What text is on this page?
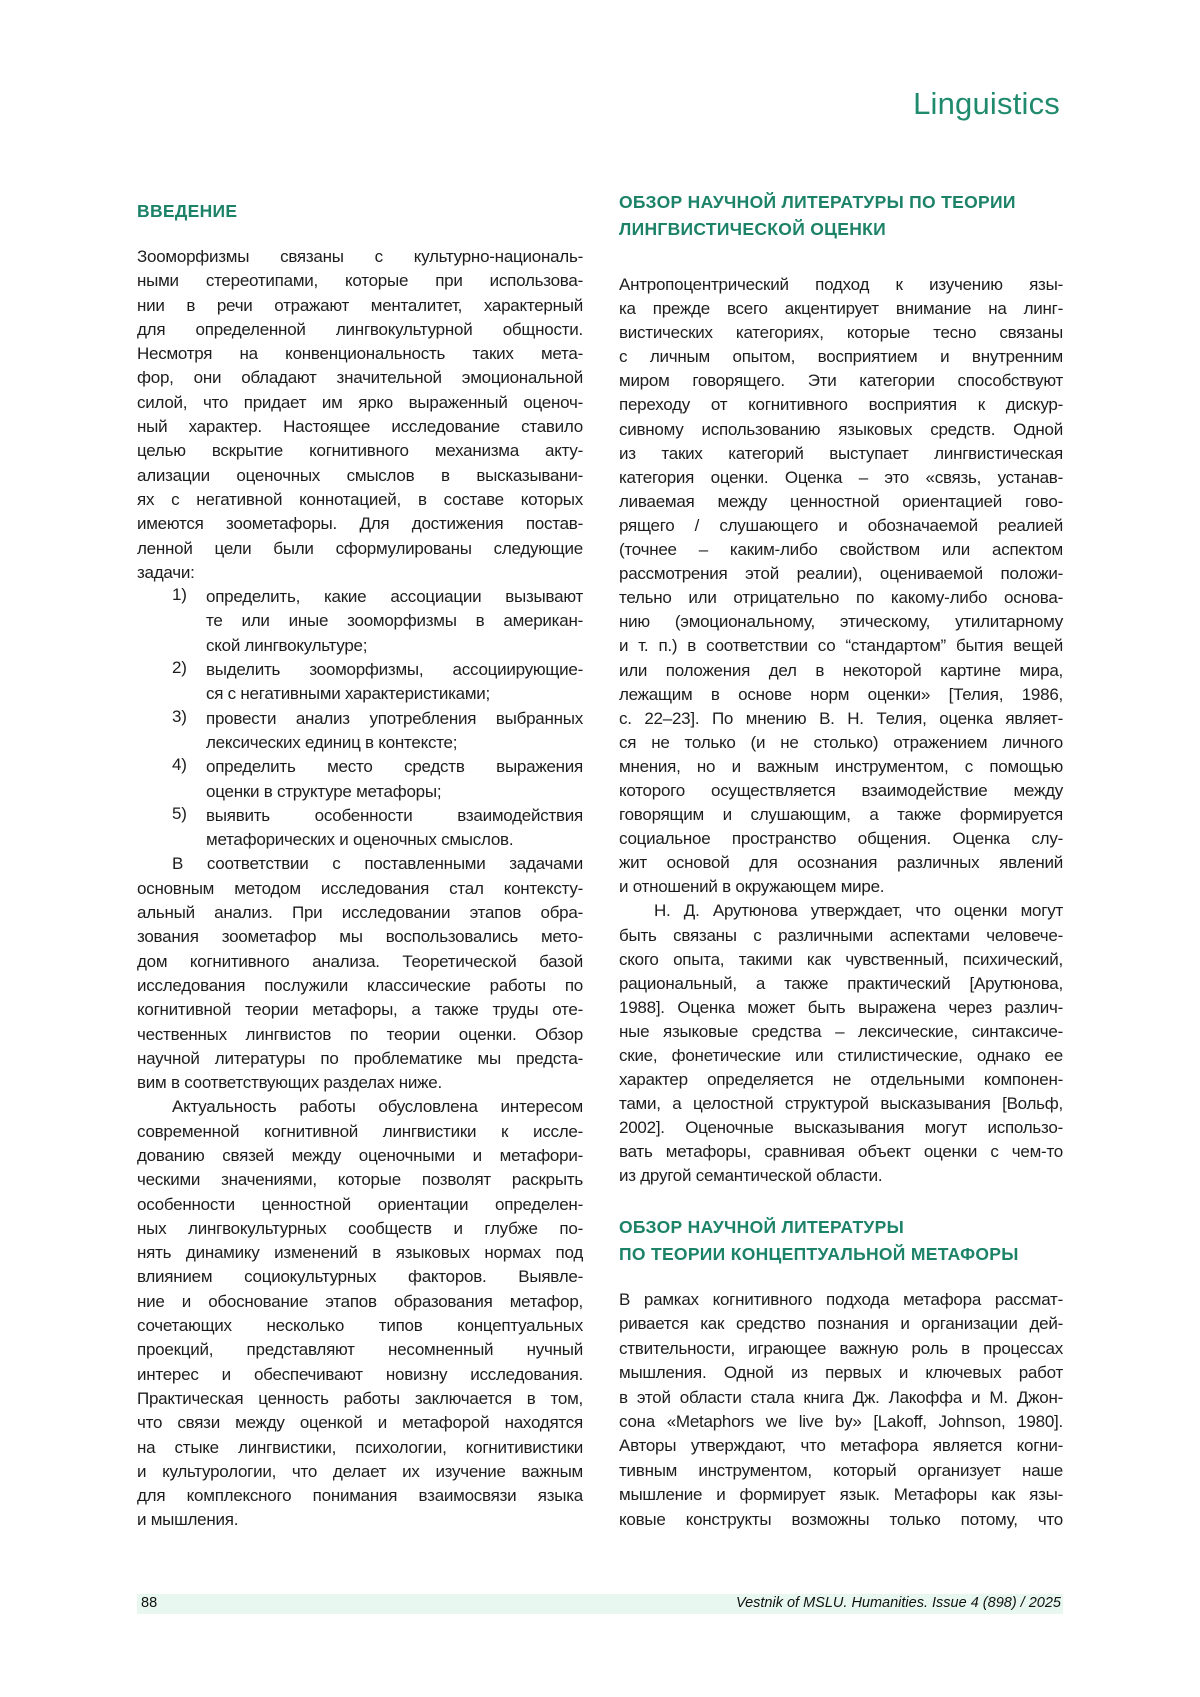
Linguistics
ВВЕДЕНИЕ
Зооморфизмы связаны с культурно-националь-
ными стереотипами, которые при использова-
нии в речи отражают менталитет, характерный
для определенной лингвокультурной общности.
Несмотря на конвенциональность таких мета-
фор, они обладают значительной эмоциональной
силой, что придает им ярко выраженный оценоч-
ный характер. Настоящее исследование ставило
целью вскрытие когнитивного механизма акту-
ализации оценочных смыслов в высказывани-
ях с негативной коннотацией, в составе которых
имеются зоометафоры. Для достижения постав-
ленной цели были сформулированы следующие
задачи:
1) определить, какие ассоциации вызывают
те или иные зооморфизмы в американ-
ской лингвокультуре;
2) выделить зооморфизмы, ассоциирующие-
ся с негативными характеристиками;
3) провести анализ употребления выбранных
лексических единиц в контексте;
4) определить место средств выражения
оценки в структуре метафоры;
5) выявить особенности взаимодействия
метафорических и оценочных смыслов.
В соответствии с поставленными задачами
основным методом исследования стал контексту-
альный анализ. При исследовании этапов обра-
зования зоометафор мы воспользовались мето-
дом когнитивного анализа. Теоретической базой
исследования послужили классические работы по
когнитивной теории метафоры, а также труды оте-
чественных лингвистов по теории оценки. Обзор
научной литературы по проблематике мы предста-
вим в соответствующих разделах ниже.
Актуальность работы обусловлена интересом
современной когнитивной лингвистики к иссле-
дованию связей между оценочными и метафори-
ческими значениями, которые позволят раскрыть
особенности ценностной ориентации определен-
ных лингвокультурных сообществ и глубже по-
нять динамику изменений в языковых нормах под
влиянием социокультурных факторов. Выявле-
ние и обоснование этапов образования метафор,
сочетающих несколько типов концептуальных
проекций, представляют несомненный нучный
интерес и обеспечивают новизну исследования.
Практическая ценность работы заключается в том,
что связи между оценкой и метафорой находятся
на стыке лингвистики, психологии, когнитивистики
и культурологии, что делает их изучение важным
для комплексного понимания взаимосвязи языка
и мышления.
ОБЗОР НАУЧНОЙ ЛИТЕРАТУРЫ ПО ТЕОРИИ
ЛИНГВИСТИЧЕСКОЙ ОЦЕНКИ
Антропоцентрический подход к изучению язы-
ка прежде всего акцентирует внимание на линг-
вистических категориях, которые тесно связаны
с личным опытом, восприятием и внутренним
миром говорящего. Эти категории способствуют
переходу от когнитивного восприятия к дискур-
сивному использованию языковых средств. Одной
из таких категорий выступает лингвистическая
категория оценки. Оценка – это «связь, устанав-
ливаемая между ценностной ориентацией гово-
рящего / слушающего и обозначаемой реалией
(точнее – каким-либо свойством или аспектом
рассмотрения этой реалии), оцениваемой положи-
тельно или отрицательно по какому-либо основа-
нию (эмоциональному, этическому, утилитарному
и т. п.) в соответствии со “стандартом” бытия вещей
или положения дел в некоторой картине мира,
лежащим в основе норм оценки» [Телия, 1986,
с. 22–23]. По мнению В. Н. Телия, оценка являет-
ся не только (и не столько) отражением личного
мнения, но и важным инструментом, с помощью
которого осуществляется взаимодействие между
говорящим и слушающим, а также формируется
социальное пространство общения. Оценка слу-
жит основой для осознания различных явлений
и отношений в окружающем мире.
Н. Д. Арутюнова утверждает, что оценки могут
быть связаны с различными аспектами человече-
ского опыта, такими как чувственный, психический,
рациональный, а также практический [Арутюнова,
1988]. Оценка может быть выражена через различ-
ные языковые средства – лексические, синтаксиче-
ские, фонетические или стилистические, однако ее
характер определяется не отдельными компонен-
тами, а целостной структурой высказывания [Вольф,
2002]. Оценочные высказывания могут использо-
вать метафоры, сравнивая объект оценки с чем-то
из другой семантической области.
ОБЗОР НАУЧНОЙ ЛИТЕРАТУРЫ
ПО ТЕОРИИ КОНЦЕПТУАЛЬНОЙ МЕТАФОРЫ
В рамках когнитивного подхода метафора рассмат-
ривается как средство познания и организации дей-
ствительности, играющее важную роль в процессах
мышления. Одной из первых и ключевых работ
в этой области стала книга Дж. Лакоффа и М. Джон-
сона «Metaphors we live by» [Lakoff, Johnson, 1980].
Авторы утверждают, что метафора является когни-
тивным инструментом, который организует наше
мышление и формирует язык. Метафоры как язы-
ковые конструкты возможны только потому, что
88	Vestnik of MSLU. Humanities. Issue 4 (898) / 2025
